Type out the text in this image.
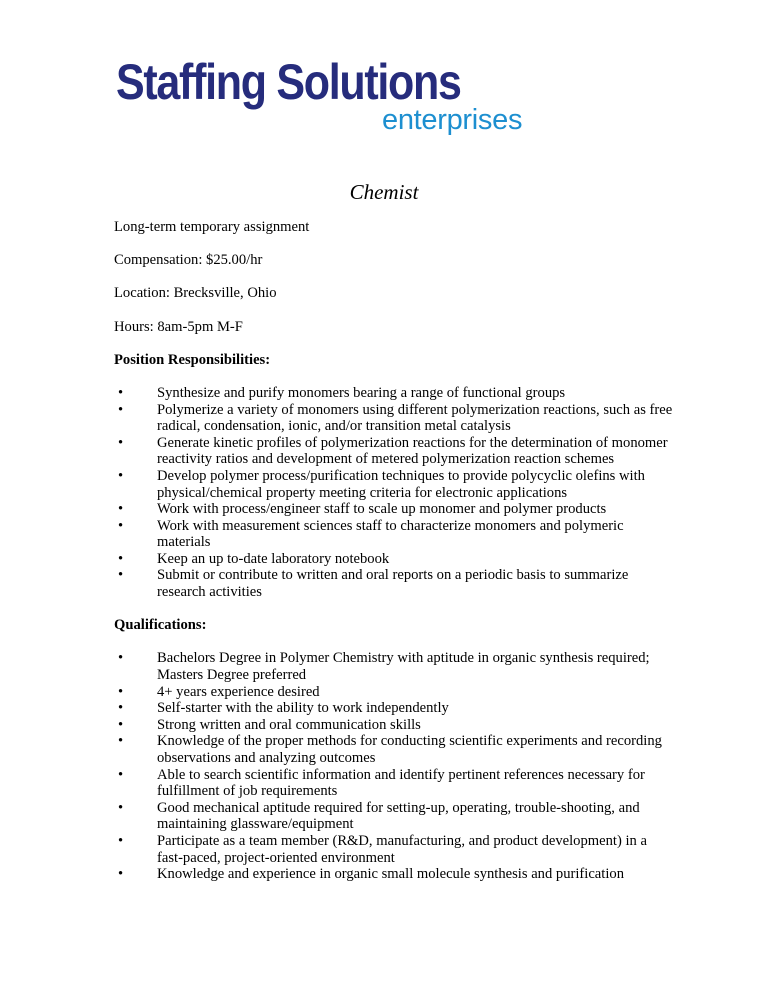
Staffing Solutions
enterprises
Chemist

Long-term temporary assignment

Compensation: $25.00/hr

Location: Brecksville, Ohio

Hours: 8am-5pm M-F

Position Responsibilities:

• Synthesize and purify monomers bearing a range of functional groups
• Polymerize a variety of monomers using different polymerization reactions, such as free radical, condensation, ionic, and/or transition metal catalysis
• Generate kinetic profiles of polymerization reactions for the determination of monomer reactivity ratios and development of metered polymerization reaction schemes
• Develop polymer process/purification techniques to provide polycyclic olefins with physical/chemical property meeting criteria for electronic applications
• Work with process/engineer staff to scale up monomer and polymer products
• Work with measurement sciences staff to characterize monomers and polymeric materials
• Keep an up to-date laboratory notebook
• Submit or contribute to written and oral reports on a periodic basis to summarize research activities

Qualifications:

• Bachelors Degree in Polymer Chemistry with aptitude in organic synthesis required; Masters Degree preferred
• 4+ years experience desired
• Self-starter with the ability to work independently
• Strong written and oral communication skills
• Knowledge of the proper methods for conducting scientific experiments and recording observations and analyzing outcomes
• Able to search scientific information and identify pertinent references necessary for fulfillment of job requirements
• Good mechanical aptitude required for setting-up, operating, trouble-shooting, and maintaining glassware/equipment
• Participate as a team member (R&D, manufacturing, and product development) in a fast-paced, project-oriented environment
• Knowledge and experience in organic small molecule synthesis and purification
